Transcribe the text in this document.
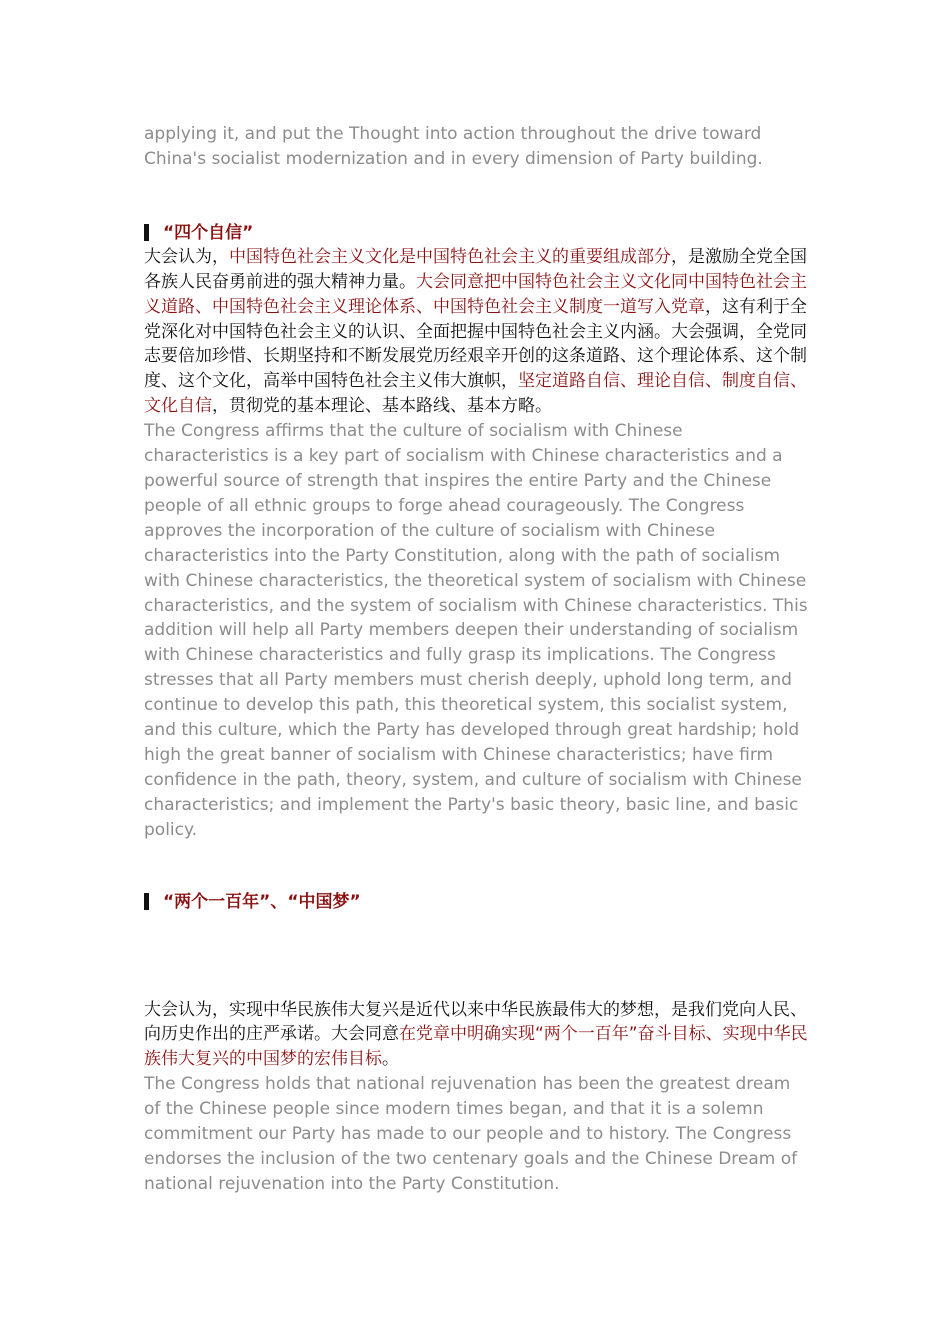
applying it, and put the Thought into action throughout the drive toward China's socialist modernization and in every dimension of Party building.

“四个自信”

大会认为，中国特色社会主义文化是中国特色社会主义的重要组成部分，是激励全党全国各族人民奋勇前进的强大精神力量。大会同意把中国特色社会主义文化同中国特色社会主义道路、中国特色社会主义理论体系、中国特色社会主义制度一道写入党章，这有利于全党深化对中国特色社会主义的认识、全面把握中国特色社会主义内涵。大会强调，全党同志要倍加珍惜、长期坚持和不断发展党历经艰辛开创的这条道路、这个理论体系、这个制度、这个文化，高举中国特色社会主义伟大旗帜，坚定道路自信、理论自信、制度自信、文化自信，贯彻党的基本理论、基本路线、基本方略。

The Congress affirms that the culture of socialism with Chinese characteristics is a key part of socialism with Chinese characteristics and a powerful source of strength that inspires the entire Party and the Chinese people of all ethnic groups to forge ahead courageously. The Congress approves the incorporation of the culture of socialism with Chinese characteristics into the Party Constitution, along with the path of socialism with Chinese characteristics, the theoretical system of socialism with Chinese characteristics, and the system of socialism with Chinese characteristics. This addition will help all Party members deepen their understanding of socialism with Chinese characteristics and fully grasp its implications. The Congress stresses that all Party members must cherish deeply, uphold long term, and continue to develop this path, this theoretical system, this socialist system, and this culture, which the Party has developed through great hardship; hold high the great banner of socialism with Chinese characteristics; have firm confidence in the path, theory, system, and culture of socialism with Chinese characteristics; and implement the Party's basic theory, basic line, and basic policy.

“两个一百年”、“中国梦”

大会认为，实现中华民族伟大复兴是近代以来中华民族最伟大的梦想，是我们党向人民、向历史作出的庄严承诺。大会同意在党章中明确实现“两个一百年”奋斗目标、实现中华民族伟大复兴的中国梦的宏伟目标。

The Congress holds that national rejuvenation has been the greatest dream of the Chinese people since modern times began, and that it is a solemn commitment our Party has made to our people and to history. The Congress endorses the inclusion of the two centenary goals and the Chinese Dream of national rejuvenation into the Party Constitution.
